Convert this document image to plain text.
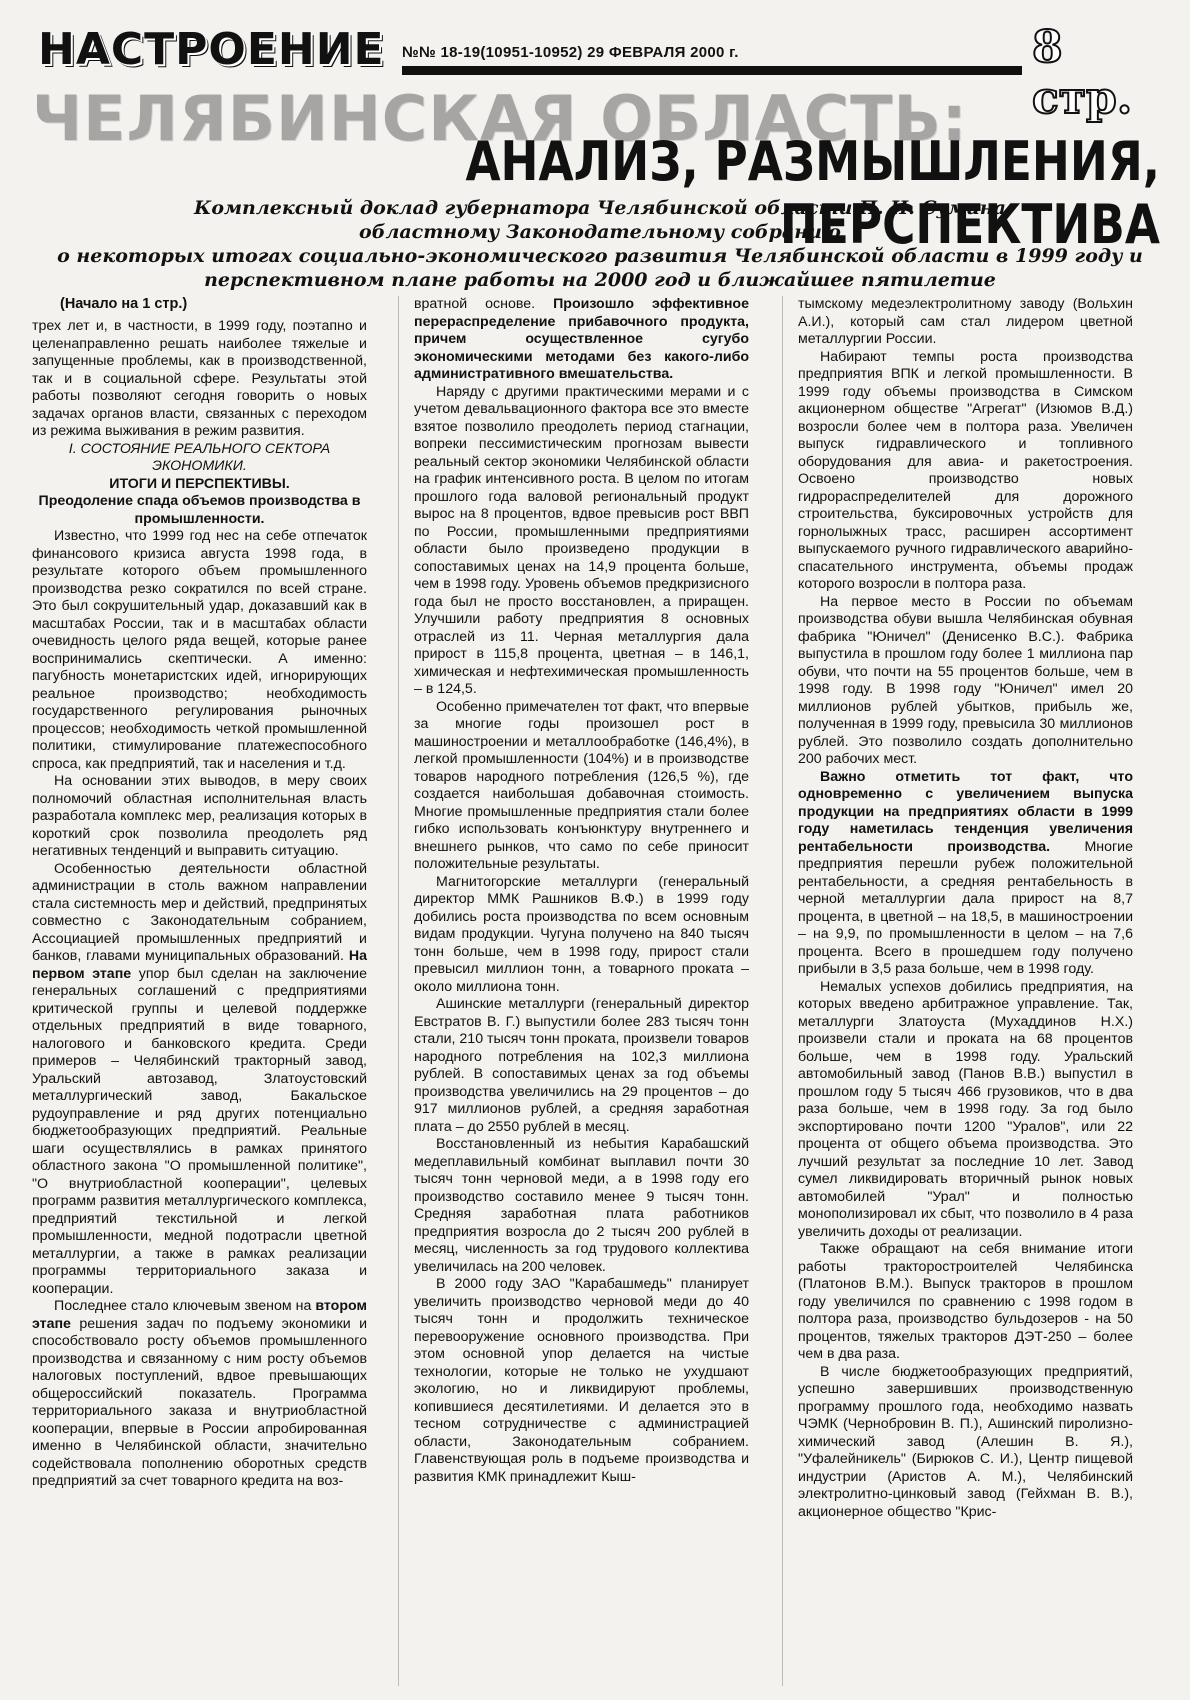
НАСТРОЕНИЕ №№ 18-19(10951-10952) 29 ФЕВРАЛЯ 2000 г.	8 стр.
ЧЕЛЯБИНСКАЯ ОБЛАСТЬ:
АНАЛИЗ, РАЗМЫШЛЕНИЯ, ПЕРСПЕКТИВА
Комплексный доклад губернатора Челябинской области П. И. Сумина
областному Законодательному собранию
о некоторых итогах социально-экономического развития Челябинской области в 1999 году и
перспективном плане работы на 2000 год и ближайшее пятилетие
(Начало на 1 стр.)

трех лет и, в частности, в 1999 году, поэтапно и целенаправленно решать наиболее тяжелые и запущенные проблемы, как в производственной, так и в социальной сфере. Результаты этой работы позволяют сегодня говорить о новых задачах органов власти, связанных с переходом из режима выживания в режим развития.

I. СОСТОЯНИЕ РЕАЛЬНОГО СЕКТОРА ЭКОНОМИКИ.

ИТОГИ И ПЕРСПЕКТИВЫ.

Преодоление спада объемов производства в промышленности.

Известно, что 1999 год нес на себе отпечаток финансового кризиса августа 1998 года, в результате которого объем промышленного производства резко сократился по всей стране. Это был сокрушительный удар, доказавший как в масштабах России, так и в масштабах области очевидность целого ряда вещей, которые ранее воспринимались скептически. А именно: пагубность монетаристских идей, игнорирующих реальное производство; необходимость государственного регулирования рыночных процессов; необходимость четкой промышленной политики, стимулирование платежеспособного спроса, как предприятий, так и населения и т.д.

На основании этих выводов, в меру своих полномочий областная исполнительная власть разработала комплекс мер, реализация которых в короткий срок позволила преодолеть ряд негативных тенденций и выправить ситуацию.

Особенностью деятельности областной администрации в столь важном направлении стала системность мер и действий, предпринятых совместно с Законодательным собранием, Ассоциацией промышленных предприятий и банков, главами муниципальных образований. На первом этапе упор был сделан на заключение генеральных соглашений с предприятиями критической группы и целевой поддержке отдельных предприятий в виде товарного, налогового и банковского кредита. Среди примеров – Челябинский тракторный завод, Уральский автозавод, Златоустовский металлургический завод, Бакальское рудоуправление и ряд других потенциально бюджетообразующих предприятий. Реальные шаги осуществлялись в рамках принятого областного закона "О промышленной политике", "О внутриобластной кооперации", целевых программ развития металлургического комплекса, предприятий текстильной и легкой промышленности, медной подотрасли цветной металлургии, а также в рамках реализации программы территориального заказа и кооперации.

Последнее стало ключевым звеном на втором этапе решения задач по подъему экономики и способствовало росту объемов промышленного производства и связанному с ним росту объемов налоговых поступлений, вдвое превышающих общероссийский показатель. Программа территориального заказа и внутриобластной кооперации, впервые в России апробированная именно в Челябинской области, значительно содействовала пополнению оборотных средств предприятий за счет товарного кредита на воз-

вратной основе. Произошло эффективное перераспределение прибавочного продукта, причем осуществленное сугубо экономическими методами без какого-либо административного вмешательства.

Наряду с другими практическими мерами и с учетом девальвационного фактора все это вместе взятое позволило преодолеть период стагнации, вопреки пессимистическим прогнозам вывести реальный сектор экономики Челябинской области на график интенсивного роста. В целом по итогам прошлого года валовой региональный продукт вырос на 8 процентов, вдвое превысив рост ВВП по России, промышленными предприятиями области было произведено продукции в сопоставимых ценах на 14,9 процента больше, чем в 1998 году. Уровень объемов предкризисного года был не просто восстановлен, а приращен. Улучшили работу предприятия 8 основных отраслей из 11. Черная металлургия дала прирост в 115,8 процента, цветная – в 146,1, химическая и нефтехимическая промышленность – в 124,5.

Особенно примечателен тот факт, что впервые за многие годы произошел рост в машиностроении и металлообработке (146,4%), в легкой промышленности (104%) и в производстве товаров народного потребления (126,5 %), где создается наибольшая добавочная стоимость. Многие промышленные предприятия стали более гибко использовать конъюнктуру внутреннего и внешнего рынков, что само по себе приносит положительные результаты.

Магнитогорские металлурги (генеральный директор ММК Рашников В.Ф.) в 1999 году добились роста производства по всем основным видам продукции. Чугуна получено на 840 тысяч тонн больше, чем в 1998 году, прирост стали превысил миллион тонн, а товарного проката – около миллиона тонн.

Ашинские металлурги (генеральный директор Евстратов В. Г.) выпустили более 283 тысяч тонн стали, 210 тысяч тонн проката, произвели товаров народного потребления на 102,3 миллиона рублей. В сопоставимых ценах за год объемы производства увеличились на 29 процентов – до 917 миллионов рублей, а средняя заработная плата – до 2550 рублей в месяц.

Восстановленный из небытия Карабашский медеплавильный комбинат выплавил почти 30 тысяч тонн черновой меди, а в 1998 году его производство составило менее 9 тысяч тонн. Средняя заработная плата работников предприятия возросла до 2 тысяч 200 рублей в месяц, численность за год трудового коллектива увеличилась на 200 человек.

В 2000 году ЗАО "Карабашмедь" планирует увеличить производство черновой меди до 40 тысяч тонн и продолжить техническое перевооружение основного производства. При этом основной упор делается на чистые технологии, которые не только не ухудшают экологию, но и ликвидируют проблемы, копившиеся десятилетиями. И делается это в тесном сотрудничестве с администрацией области, Законодательным собранием. Главенствующая роль в подъеме производства и развития КМК принадлежит Кыш-

тымскому медеэлектролитному заводу (Вольхин А.И.), который сам стал лидером цветной металлургии России.

Набирают темпы роста производства предприятия ВПК и легкой промышленности. В 1999 году объемы производства в Симском акционерном обществе "Агрегат" (Изюмов В.Д.) возросли более чем в полтора раза. Увеличен выпуск гидравлического и топливного оборудования для авиа- и ракетостроения. Освоено производство новых гидрораспределителей для дорожного строительства, буксировочных устройств для горнолыжных трасс, расширен ассортимент выпускаемого ручного гидравлического аварийно-спасательного инструмента, объемы продаж которого возросли в полтора раза.

На первое место в России по объемам производства обуви вышла Челябинская обувная фабрика "Юничел" (Денисенко В.С.). Фабрика выпустила в прошлом году более 1 миллиона пар обуви, что почти на 55 процентов больше, чем в 1998 году. В 1998 году "Юничел" имел 20 миллионов рублей убытков, прибыль же, полученная в 1999 году, превысила 30 миллионов рублей. Это позволило создать дополнительно 200 рабочих мест.

Важно отметить тот факт, что одновременно с увеличением выпуска продукции на предприятиях области в 1999 году наметилась тенденция увеличения рентабельности производства. Многие предприятия перешли рубеж положительной рентабельности, а средняя рентабельность в черной металлургии дала прирост на 8,7 процента, в цветной – на 18,5, в машиностроении – на 9,9, по промышленности в целом – на 7,6 процента. Всего в прошедшем году получено прибыли в 3,5 раза больше, чем в 1998 году.

Немалых успехов добились предприятия, на которых введено арбитражное управление. Так, металлурги Златоуста (Мухаддинов Н.Х.) произвели стали и проката на 68 процентов больше, чем в 1998 году. Уральский автомобильный завод (Панов В.В.) выпустил в прошлом году 5 тысяч 466 грузовиков, что в два раза больше, чем в 1998 году. За год было экспортировано почти 1200 "Уралов", или 22 процента от общего объема производства. Это лучший результат за последние 10 лет. Завод сумел ликвидировать вторичный рынок новых автомобилей "Урал" и полностью монополизировал их сбыт, что позволило в 4 раза увеличить доходы от реализации.

Также обращают на себя внимание итоги работы тракторостроителей Челябинска (Платонов В.М.). Выпуск тракторов в прошлом году увеличился по сравнению с 1998 годом в полтора раза, производство бульдозеров - на 50 процентов, тяжелых тракторов ДЭТ-250 – более чем в два раза.

В числе бюджетообразующих предприятий, успешно завершивших производственную программу прошлого года, необходимо назвать ЧЭМК (Чернобровин В. П.), Ашинский пиролизно-химический завод (Алешин В. Я.), "Уфалейникель" (Бирюков С. И.), Центр пищевой индустрии (Аристов А. М.), Челябинский электролитно-цинковый завод (Гейхман В. В.), акционерное общество "Крис-
